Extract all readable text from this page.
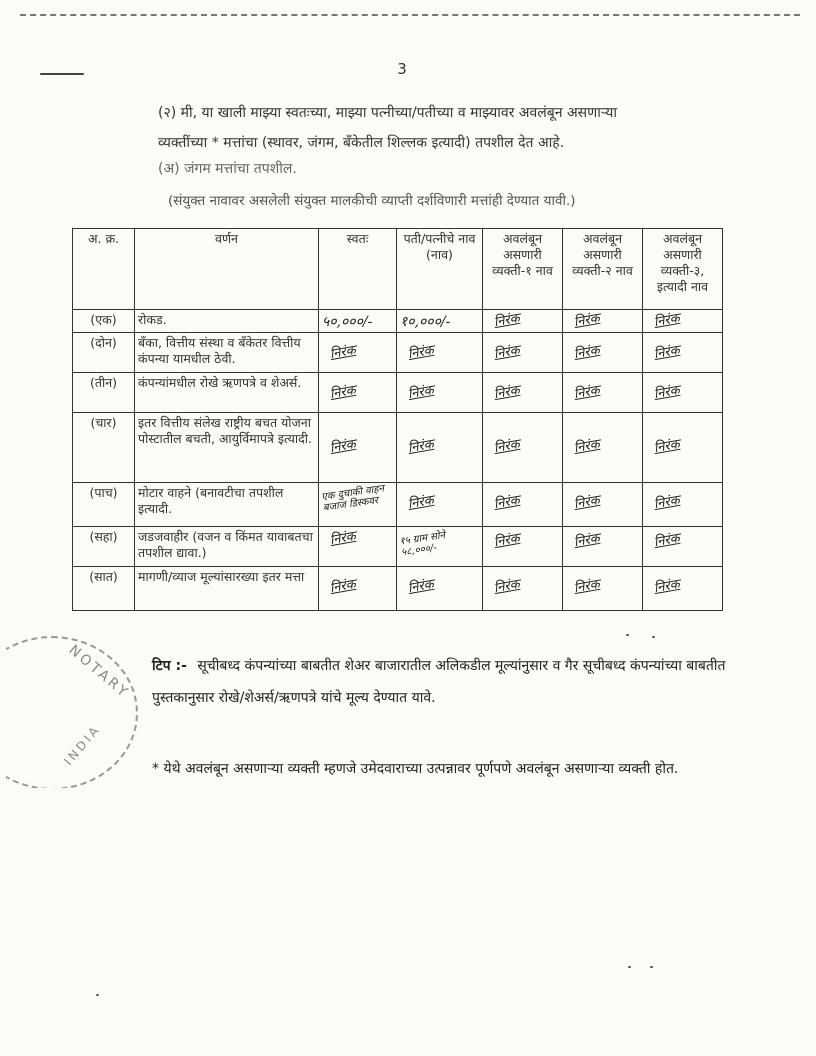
3
(२) मी, या खाली माझ्या स्वतःच्या, माझ्या पत्नीच्या/पतीच्या व माझ्यावर अवलंबून असणाऱ्या
व्यक्तींच्या * मत्तांचा (स्थावर, जंगम, बँकेतील शिल्लक इत्यादी) तपशील देत आहे.
(अ) जंगम मत्तांचा तपशील.
(संयुक्त नावावर असलेली संयुक्त मालकीची व्याप्ती दर्शविणारी मत्तांही देण्यात यावी.)
अ. क्र.	वर्णन	स्वतः	पती/पत्नीचे नाव (नाव)	अवलंबून असणारी व्यक्ती-१ नाव	अवलंबून असणारी व्यक्ती-२ नाव	अवलंबून असणारी व्यक्ती-३, इत्यादी नाव
(एक)	रोकड.	५०,०००/-	१०,०००/-	निरंक	निरंक	निरंक
(दोन)	बँका, वित्तीय संस्था व बँकेतर वित्तीय कंपन्या यामधील ठेवी.	निरंक	निरंक	निरंक	निरंक	निरंक
(तीन)	कंपन्यांमधील रोखे ऋणपत्रे व शेअर्स.	निरंक	निरंक	निरंक	निरंक	निरंक
(चार)	इतर वित्तीय संलेख राष्ट्रीय बचत योजना पोस्टातील बचती, आयुर्विमापत्रे इत्यादी.	निरंक	निरंक	निरंक	निरंक	निरंक
(पाच)	मोटार वाहने (बनावटीचा तपशील इत्यादी.	एक दुचाकी वाहन बजाज डिस्कवर	निरंक	निरंक	निरंक	निरंक
(सहा)	जडजवाहीर (वजन व किंमत यावाबतचा तपशील द्यावा.)	निरंक	१५ ग्राम सोने ५८,०००/-	निरंक	निरंक	निरंक
(सात)	मागणी/व्याज मूल्यांसारख्या इतर मत्ता	निरंक	निरंक	निरंक	निरंक	निरंक
NOTARY
INDIA
टिप :- सूचीबध्द कंपन्यांच्या बाबतीत शेअर बाजारातील अलिकडील मूल्यांनुसार व गैर सूचीबध्द कंपन्यांच्या बाबतीत पुस्तकानुसार रोखे/शेअर्स/ऋणपत्रे यांचे मूल्य देण्यात यावे.
* येथे अवलंबून असणाऱ्या व्यक्ती म्हणजे उमेदवाराच्या उत्पन्नावर पूर्णपणे अवलंबून असणाऱ्या व्यक्ती होत.
